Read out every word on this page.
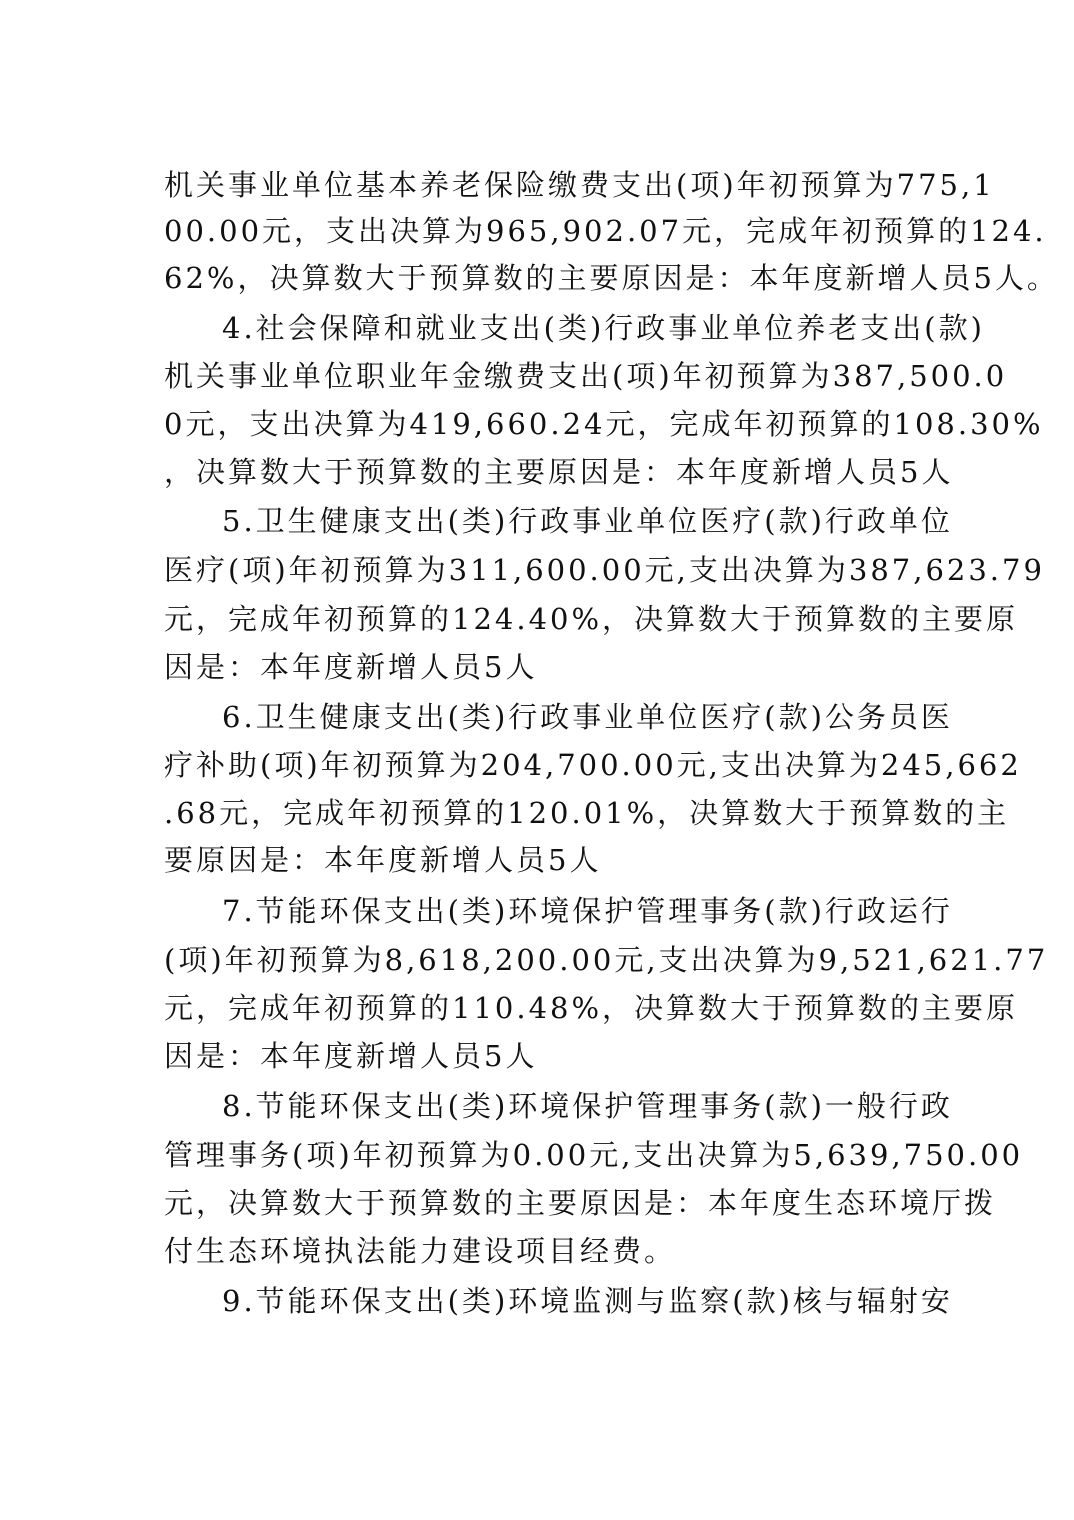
机关事业单位基本养老保险缴费支出(项)年初预算为775,1

00.00元，支出决算为965,902.07元，完成年初预算的124.

62%，决算数大于预算数的主要原因是：本年度新增人员5人。

4.社会保障和就业支出(类)行政事业单位养老支出(款)

机关事业单位职业年金缴费支出(项)年初预算为387,500.0

0元，支出决算为419,660.24元，完成年初预算的108.30%

，决算数大于预算数的主要原因是：本年度新增人员5人

5.卫生健康支出(类)行政事业单位医疗(款)行政单位

医疗(项)年初预算为311,600.00元,支出决算为387,623.79

元，完成年初预算的124.40%，决算数大于预算数的主要原

因是：本年度新增人员5人

6.卫生健康支出(类)行政事业单位医疗(款)公务员医

疗补助(项)年初预算为204,700.00元,支出决算为245,662

.68元，完成年初预算的120.01%，决算数大于预算数的主

要原因是：本年度新增人员5人

7.节能环保支出(类)环境保护管理事务(款)行政运行

(项)年初预算为8,618,200.00元,支出决算为9,521,621.77

元，完成年初预算的110.48%，决算数大于预算数的主要原

因是：本年度新增人员5人

8.节能环保支出(类)环境保护管理事务(款)一般行政

管理事务(项)年初预算为0.00元,支出决算为5,639,750.00

元，决算数大于预算数的主要原因是：本年度生态环境厅拨

付生态环境执法能力建设项目经费。

9.节能环保支出(类)环境监测与监察(款)核与辐射安
